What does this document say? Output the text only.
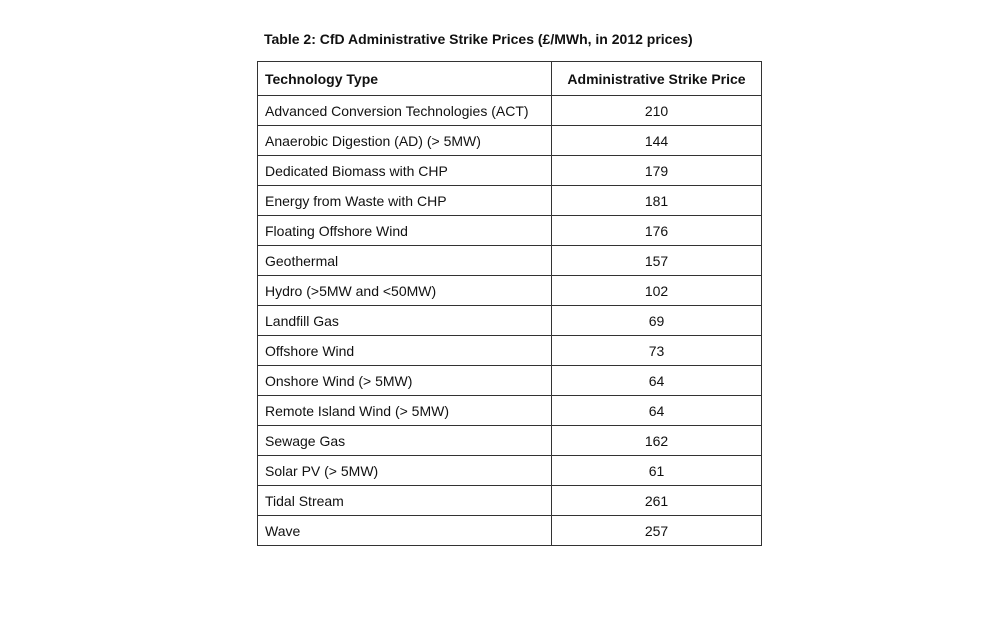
Table 2: CfD Administrative Strike Prices (£/MWh, in 2012 prices)
Technology Type	Administrative Strike Price
Advanced Conversion Technologies (ACT)	210
Anaerobic Digestion (AD) (> 5MW)	144
Dedicated Biomass with CHP	179
Energy from Waste with CHP	181
Floating Offshore Wind	176
Geothermal	157
Hydro (>5MW and <50MW)	102
Landfill Gas	69
Offshore Wind	73
Onshore Wind (> 5MW)	64
Remote Island Wind (> 5MW)	64
Sewage Gas	162
Solar PV (> 5MW)	61
Tidal Stream	261
Wave	257
